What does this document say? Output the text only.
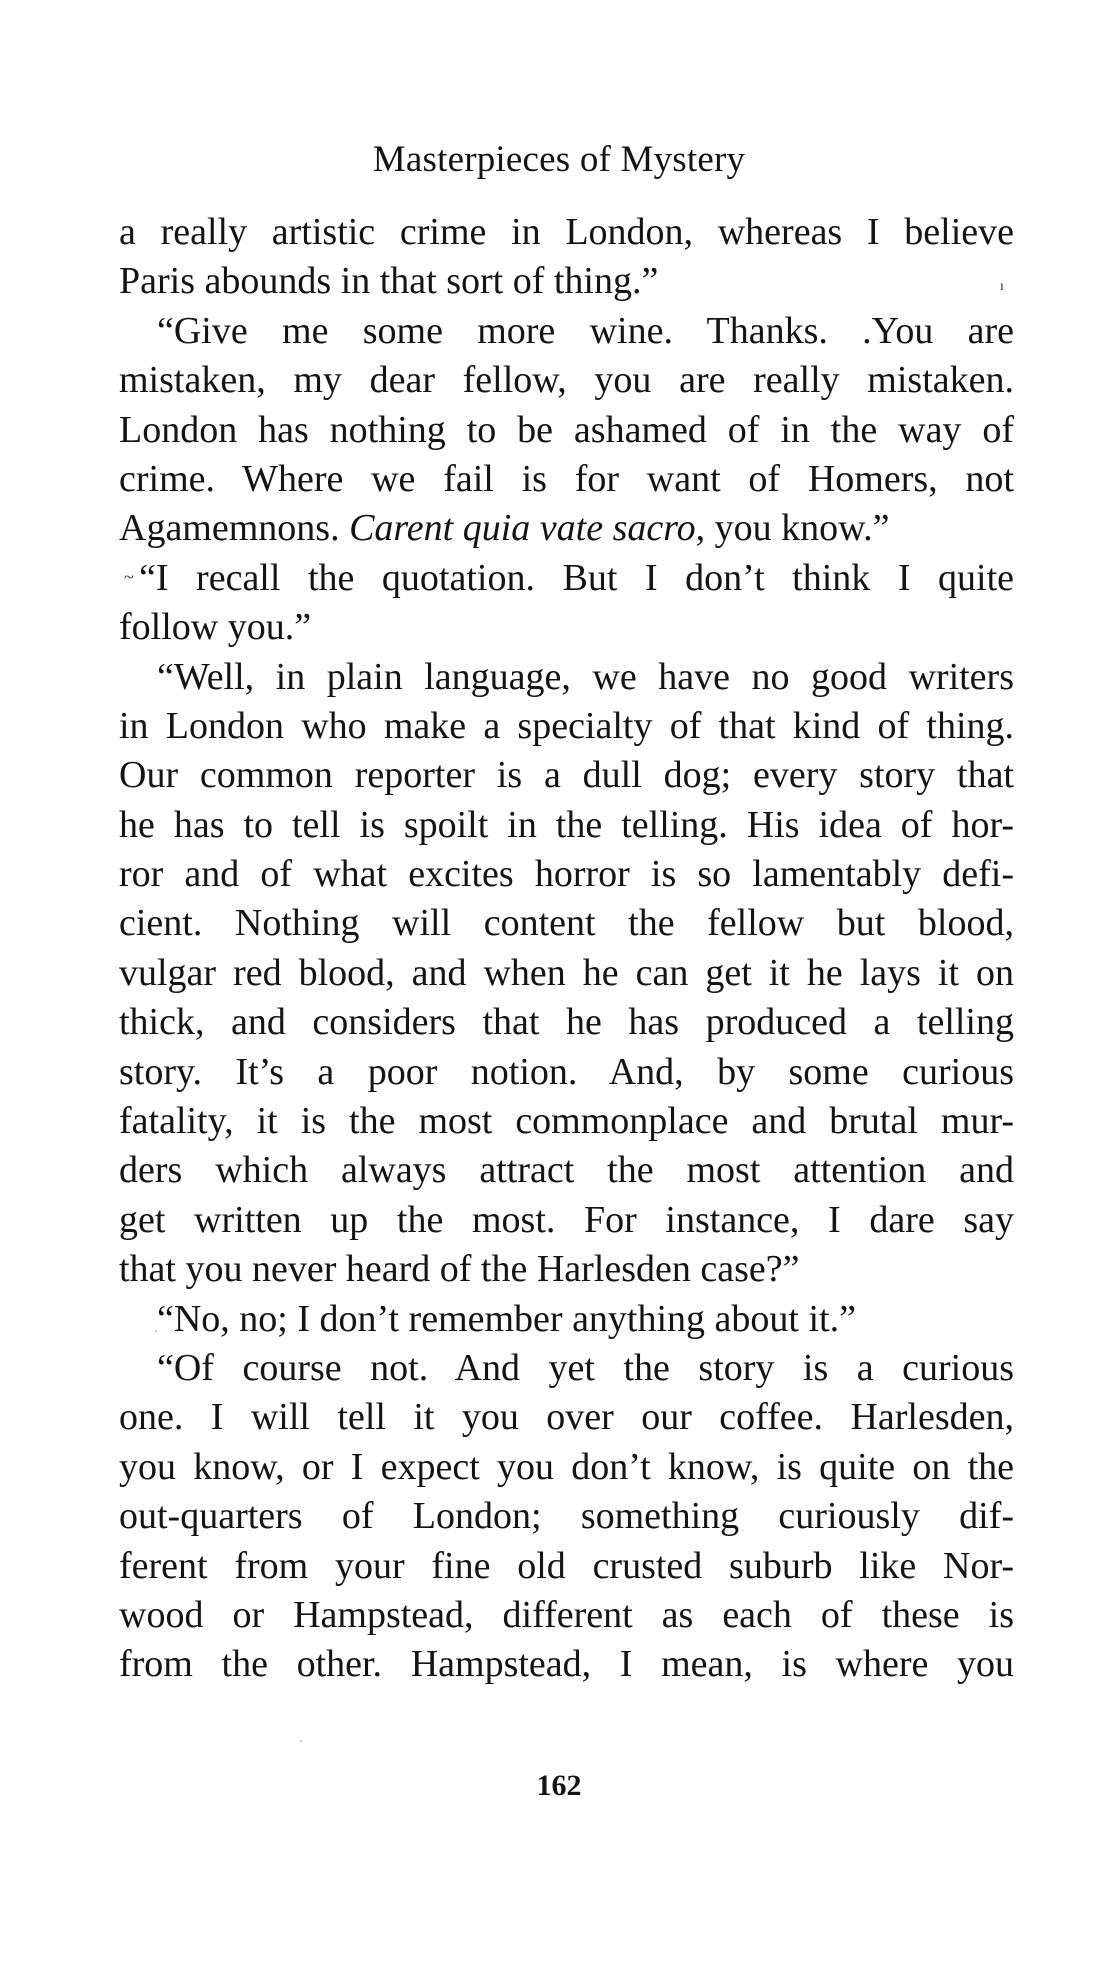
Masterpieces of Mystery
a really artistic crime in London, whereas I believe
Paris abounds in that sort of thing.”
“Give me some more wine. Thanks. .You are
mistaken, my dear fellow, you are really mistaken.
London has nothing to be ashamed of in the way of
crime. Where we fail is for want of Homers, not
Agamemnons. Carent quia vate sacro, you know.”
“I recall the quotation. But I don’t think I quite
follow you.”
“Well, in plain language, we have no good writers
in London who make a specialty of that kind of thing.
Our common reporter is a dull dog; every story that
he has to tell is spoilt in the telling. His idea of hor-
ror and of what excites horror is so lamentably defi-
cient. Nothing will content the fellow but blood,
vulgar red blood, and when he can get it he lays it on
thick, and considers that he has produced a telling
story. It’s a poor notion. And, by some curious
fatality, it is the most commonplace and brutal mur-
ders which always attract the most attention and
get written up the most. For instance, I dare say
that you never heard of the Harlesden case?”
“No, no; I don’t remember anything about it.”
“Of course not. And yet the story is a curious
one. I will tell it you over our coffee. Harlesden,
you know, or I expect you don’t know, is quite on the
out-quarters of London; something curiously dif-
ferent from your fine old crusted suburb like Nor-
wood or Hampstead, different as each of these is
from the other. Hampstead, I mean, is where you
ı
~
162
